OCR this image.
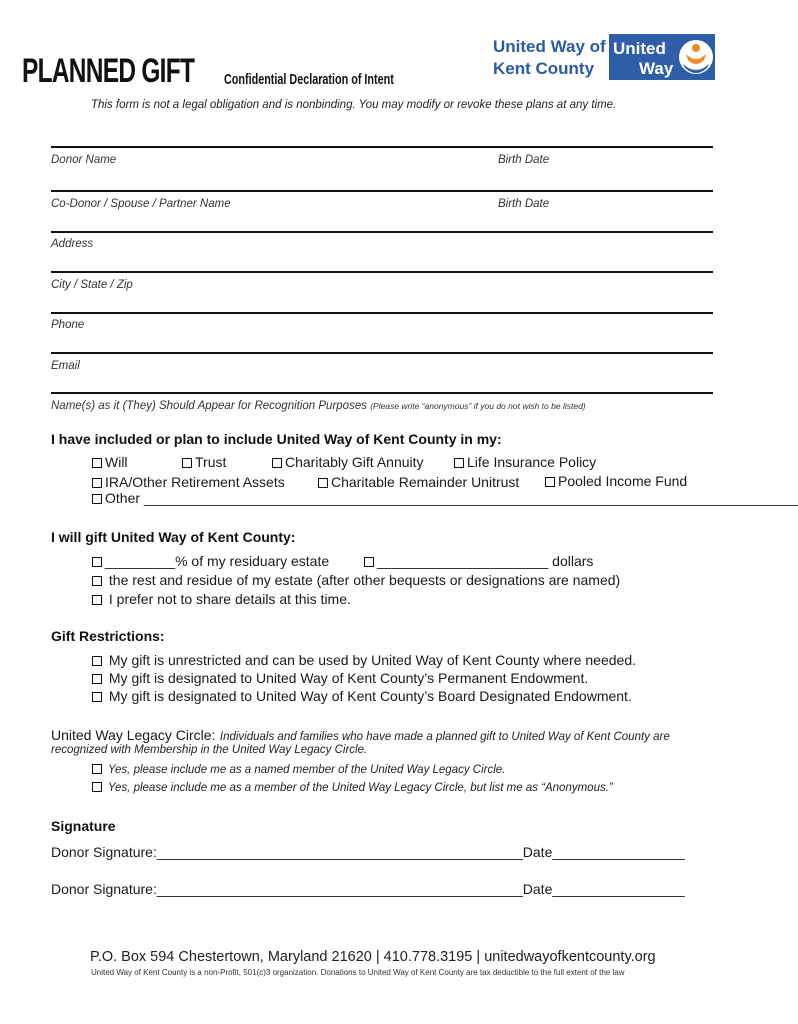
PLANNED GIFT Confidential Declaration of Intent
United Way of
Kent County
United
Way
This form is not a legal obligation and is nonbinding. You may modify or revoke these plans at any time.
Donor Name	Birth Date
Co-Donor / Spouse / Partner Name	Birth Date
Address
City / State / Zip
Phone
Email
Name(s) as it (They) Should Appear for Recognition Purposes (Please write “anonymous” if you do not wish to be listed)
I have included or plan to include United Way of Kent County in my:
Will	Trust	Charitably Gift Annuity	Life Insurance Policy
IRA/Other Retirement Assets	Charitable Remainder Unitrust	Pooled Income Fund
Other ____________________________________________________________________________________
I will gift United Way of Kent County:
_________% of my residuary estate	______________________ dollars
the rest and residue of my estate (after other bequests or designations are named)
I prefer not to share details at this time.
Gift Restrictions:
My gift is unrestricted and can be used by United Way of Kent County where needed.
My gift is designated to United Way of Kent County’s Permanent Endowment.
My gift is designated to United Way of Kent County’s Board Designated Endowment.
United Way Legacy Circle: Individuals and families who have made a planned gift to United Way of Kent County are
recognized with Membership in the United Way Legacy Circle.
Yes, please include me as a named member of the United Way Legacy Circle.
Yes, please include me as a member of the United Way Legacy Circle, but list me as “Anonymous.”
Signature
Donor Signature:_______________________________________________Date_________________
Donor Signature:_______________________________________________Date_________________
P.O. Box 594 Chestertown, Maryland 21620 | 410.778.3195 | unitedwayofkentcounty.org
United Way of Kent County is a non-Profit, 501(c)3 organization. Donations to United Way of Kent County are tax deductible to the full extent of the law
